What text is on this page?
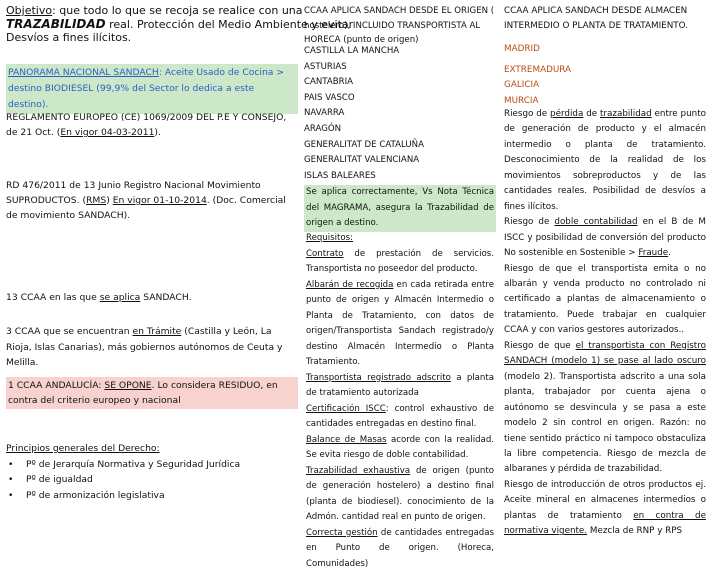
Objetivo: que todo lo que se recoja se realice con una
TRAZABILIDAD real. Protección del Medio Ambiente y evitar
Desvíos a fines ilícitos.
PANORAMA NACIONAL SANDACH: Aceite Usado de Cocina > destino BIODIESEL (99,9% del Sector lo dedica a este destino).
REGLAMENTO EUROPEO (CE) 1069/2009 DEL P.E Y CONSEJO, de 21 Oct. (En vigor 04-03-2011).
RD 476/2011 de 13 Junio Registro Nacional Movimiento SUPRODUCTOS. (RMS) En vigor 01-10-2014. (Doc. Comercial de movimiento SANDACH).
13 CCAA en las que se aplica SANDACH.
3 CCAA que se encuentran en Trámite (Castilla y León, La Rioja, Islas Canarias), más gobiernos autónomos de Ceuta y Melilla.
1 CCAA ANDALUCÍA: SE OPONE. Lo considera RESIDUO, en contra del criterio europeo y nacional
Principios generales del Derecho:
• Pº de Jerarquía Normativa y Seguridad Jurídica
• Pº de igualdad
• Pº de armonización legislativa
CCAA APLICA SANDACH DESDE EL ORIGEN ( hostelero), INCLUIDO TRANSPORTISTA AL HORECA (punto de origen)
CASTILLA LA MANCHA
ASTURIAS
CANTABRIA
PAIS VASCO
NAVARRA
ARAGÓN
GENERALITAT DE CATALUÑA
GENERALITAT VALENCIANA
ISLAS BALEARES
Se aplica correctamente, Vs Nota Técnica del MAGRAMA, asegura la Trazabilidad de origen a destino.
Requisitos:
Contrato de prestación de servicios. Transportista no poseedor del producto.
Albarán de recogida en cada retirada entre punto de origen y Almacén Intermedio o Planta de Tratamiento, con datos de origen/Transportista Sandach registrado/y destino Almacén Intermedio o Planta Tratamiento.
Transportista registrado adscrito a planta de tratamiento autorizada
Certificación ISCC: control exhaustivo de cantidades entregadas en destino final.
Balance de Masas acorde con la realidad. Se evita riesgo de doble contabilidad.
Trazabilidad exhaustiva de origen (punto de generación hostelero) a destino final (planta de biodiesel). conocimiento de la Admón. cantidad real en punto de origen.
Correcta gestión de cantidades entregadas en Punto de origen. (Horeca, Comunidades)
CCAA APLICA SANDACH DESDE ALMACEN INTERMEDIO O PLANTA DE TRATAMIENTO.
MADRID
EXTREMADURA
GALICIA
MURCIA
Riesgo de pérdida de trazabilidad entre punto de generación de producto y el almacén intermedio o planta de tratamiento. Desconocimiento de la realidad de los movimientos sobreproductos y de las cantidades reales. Posibilidad de desvíos a fines ilícitos.
Riesgo de doble contabilidad en el B de M ISCC y posibilidad de conversión del producto No sostenible en Sostenible > Fraude.
Riesgo de que el transportista emita o no albarán y venda producto no controlado ni certificado a plantas de almacenamiento o tratamiento. Puede trabajar en cualquier CCAA y con varios gestores autorizados..
Riesgo de que el transportista con Registro SANDACH (modelo 1) se pase al lado oscuro (modelo 2). Transportista adscrito a una sola planta, trabajador por cuenta ajena o autónomo se desvincula y se pasa a este modelo 2 sin control en origen. Razón: no tiene sentido práctico ni tampoco obstaculiza la libre competencia. Riesgo de mezcla de albaranes y pérdida de trazabilidad.
Riesgo de introducción de otros productos ej. Aceite mineral en almacenes intermedios o plantas de tratamiento en contra de normativa vigente. Mezcla de RNP y RPS
